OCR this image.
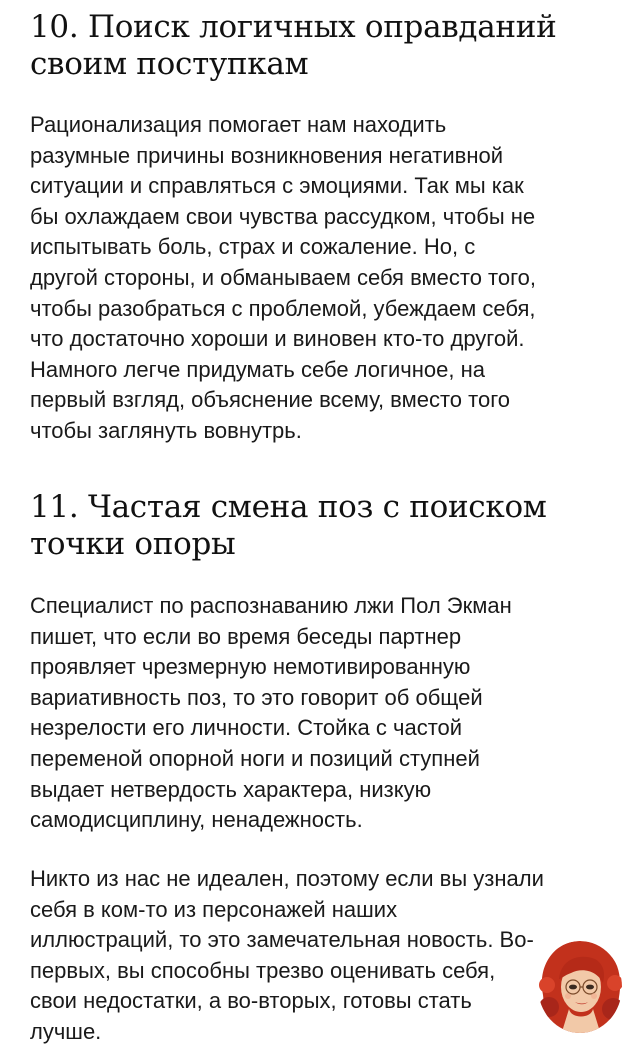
10. Поиск логичных оправданий
своим поступкам

Рационализация помогает нам находить
разумные причины возникновения негативной
ситуации и справляться с эмоциями. Так мы как
бы охлаждаем свои чувства рассудком, чтобы не
испытывать боль, страх и сожаление. Но, с
другой стороны, и обманываем себя вместо того,
чтобы разобраться с проблемой, убеждаем себя,
что достаточно хороши и виновен кто-то другой.
Намного легче придумать себе логичное, на
первый взгляд, объяснение всему, вместо того
чтобы заглянуть вовнутрь.

11. Частая смена поз с поиском
точки опоры

Специалист по распознаванию лжи Пол Экман
пишет, что если во время беседы партнер
проявляет чрезмерную немотивированную
вариативность поз, то это говорит об общей
незрелости его личности. Стойка с частой
переменой опорной ноги и позиций ступней
выдает нетвердость характера, низкую
самодисциплину, ненадежность.

Никто из нас не идеален, поэтому если вы узнали
себя в ком-то из персонажей наших
иллюстраций, то это замечательная новость. Во-
первых, вы способны трезво оценивать себя,
свои недостатки, а во-вторых, готовы стать
лучше.
